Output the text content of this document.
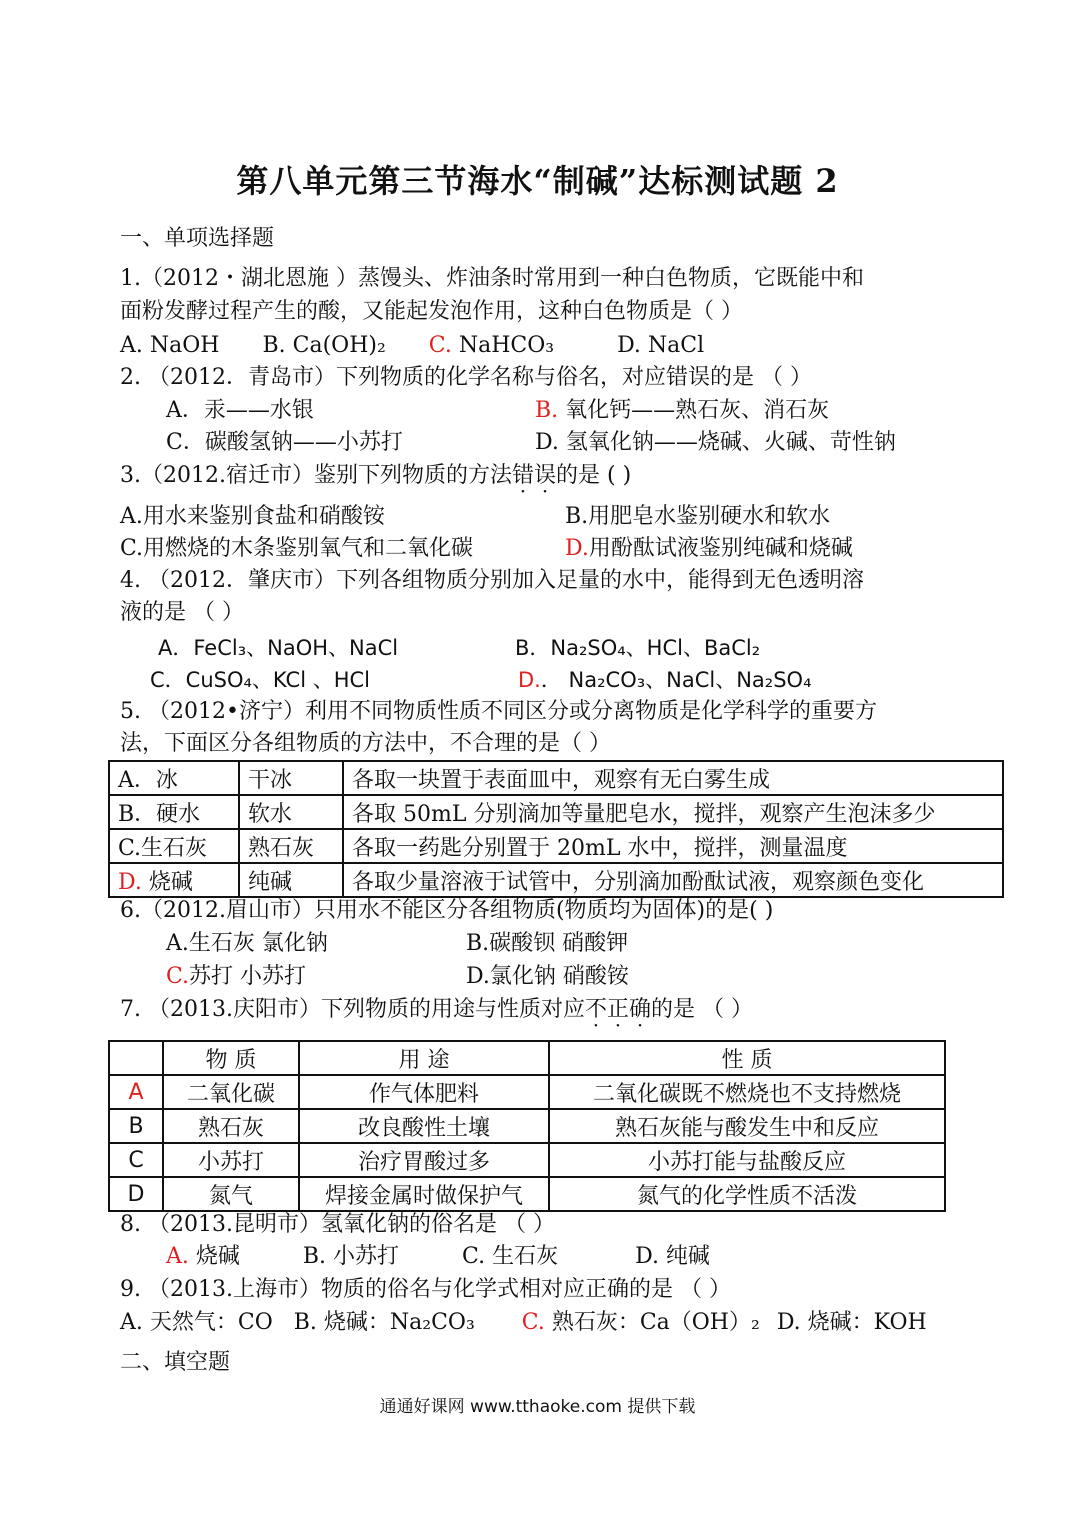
第八单元第三节海水“制碱”达标测试题 2
一、单项选择题
1.（2012・湖北恩施 ）蒸馒头、炸油条时常用到一种白色物质，它既能中和
面粉发酵过程产生的酸，又能起发泡作用，这种白色物质是（ ）
A. NaOH B. Ca(OH)₂ C. NaHCO₃	D. NaCl
2. （2012．青岛市）下列物质的化学名称与俗名，对应错误的是 （ ）
A．汞——水银	B. 氧化钙——熟石灰、消石灰
C．碳酸氢钠——小苏打	D. 氢氧化钠——烧碱、火碱、苛性钠
3.（2012.宿迁市）鉴别下列物质的方法错误的是 ( )
A.用水来鉴别食盐和硝酸铵	B.用肥皂水鉴别硬水和软水
C.用燃烧的木条鉴别氧气和二氧化碳	D.用酚酞试液鉴别纯碱和烧碱
4. （2012．肇庆市）下列各组物质分别加入足量的水中，能得到无色透明溶
液的是 （ ）
A．FeCl₃、NaOH、NaCl	B．Na₂SO₄、HCl、BaCl₂
C．CuSO₄、KCl 、HCl	D.． Na₂CO₃、NaCl、Na₂SO₄
5. （2012•济宁）利用不同物质性质不同区分或分离物质是化学科学的重要方
法，下面区分各组物质的方法中，不合理的是（ ）
A．冰	干冰	各取一块置于表面皿中，观察有无白雾生成
B．硬水	软水	各取 50mL 分别滴加等量肥皂水，搅拌，观察产生泡沫多少
C.生石灰	熟石灰	各取一药匙分别置于 20mL 水中，搅拌，测量温度
D. 烧碱	纯碱	各取少量溶液于试管中，分别滴加酚酞试液，观察颜色变化
6.（2012.眉山市）只用水不能区分各组物质(物质均为固体)的是( )
A.生石灰 氯化钠	B.碳酸钡 硝酸钾
C.苏打 小苏打	D.氯化钠 硝酸铵
7. （2013.庆阳市）下列物质的用途与性质对应不正确的是 （ ）
	物 质	用 途	性 质
A	二氧化碳	作气体肥料	二氧化碳既不燃烧也不支持燃烧
B	熟石灰	改良酸性土壤	熟石灰能与酸发生中和反应
C	小苏打	治疗胃酸过多	小苏打能与盐酸反应
D	氮气	焊接金属时做保护气	氮气的化学性质不活泼
8. （2013.昆明市）氢氧化钠的俗名是 （ ）
A. 烧碱	B. 小苏打	C. 生石灰	D. 纯碱
9. （2013.上海市）物质的俗名与化学式相对应正确的是 （ ）
A. 天然气：CO B. 烧碱：Na₂CO₃ C. 熟石灰：Ca（OH）₂ D. 烧碱：KOH
二、填空题
通通好课网 www.tthaoke.com 提供下载
